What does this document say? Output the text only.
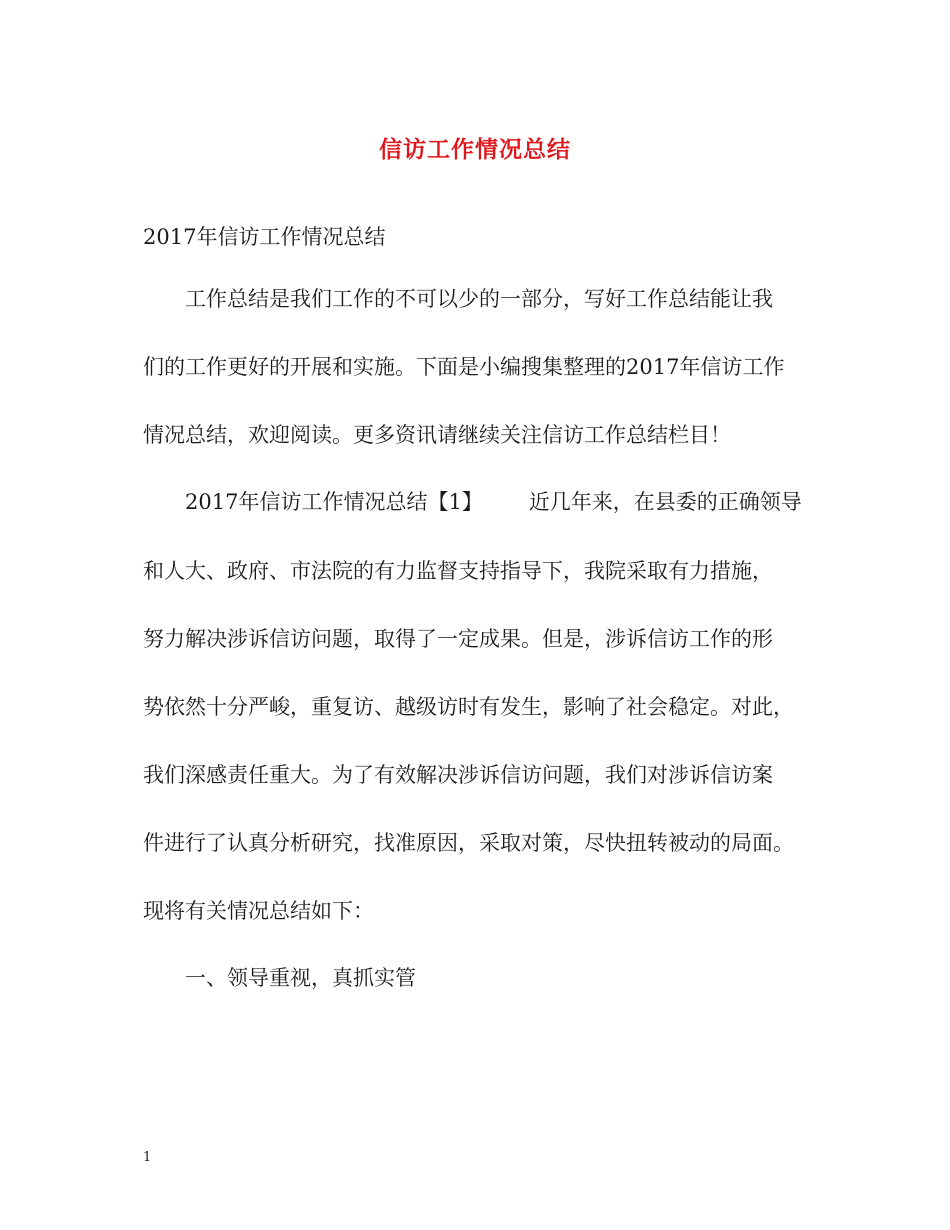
信访工作情况总结
2017年信访工作情况总结
工作总结是我们工作的不可以少的一部分，写好工作总结能让我
们的工作更好的开展和实施。下面是小编搜集整理的2017年信访工作
情况总结，欢迎阅读。更多资讯请继续关注信访工作总结栏目！
2017年信访工作情况总结【1】 近几年来，在县委的正确领导
和人大、政府、市法院的有力监督支持指导下，我院采取有力措施，
努力解决涉诉信访问题，取得了一定成果。但是，涉诉信访工作的形
势依然十分严峻，重复访、越级访时有发生，影响了社会稳定。对此，
我们深感责任重大。为了有效解决涉诉信访问题，我们对涉诉信访案
件进行了认真分析研究，找准原因，采取对策，尽快扭转被动的局面。
现将有关情况总结如下：
一、领导重视，真抓实管
1
